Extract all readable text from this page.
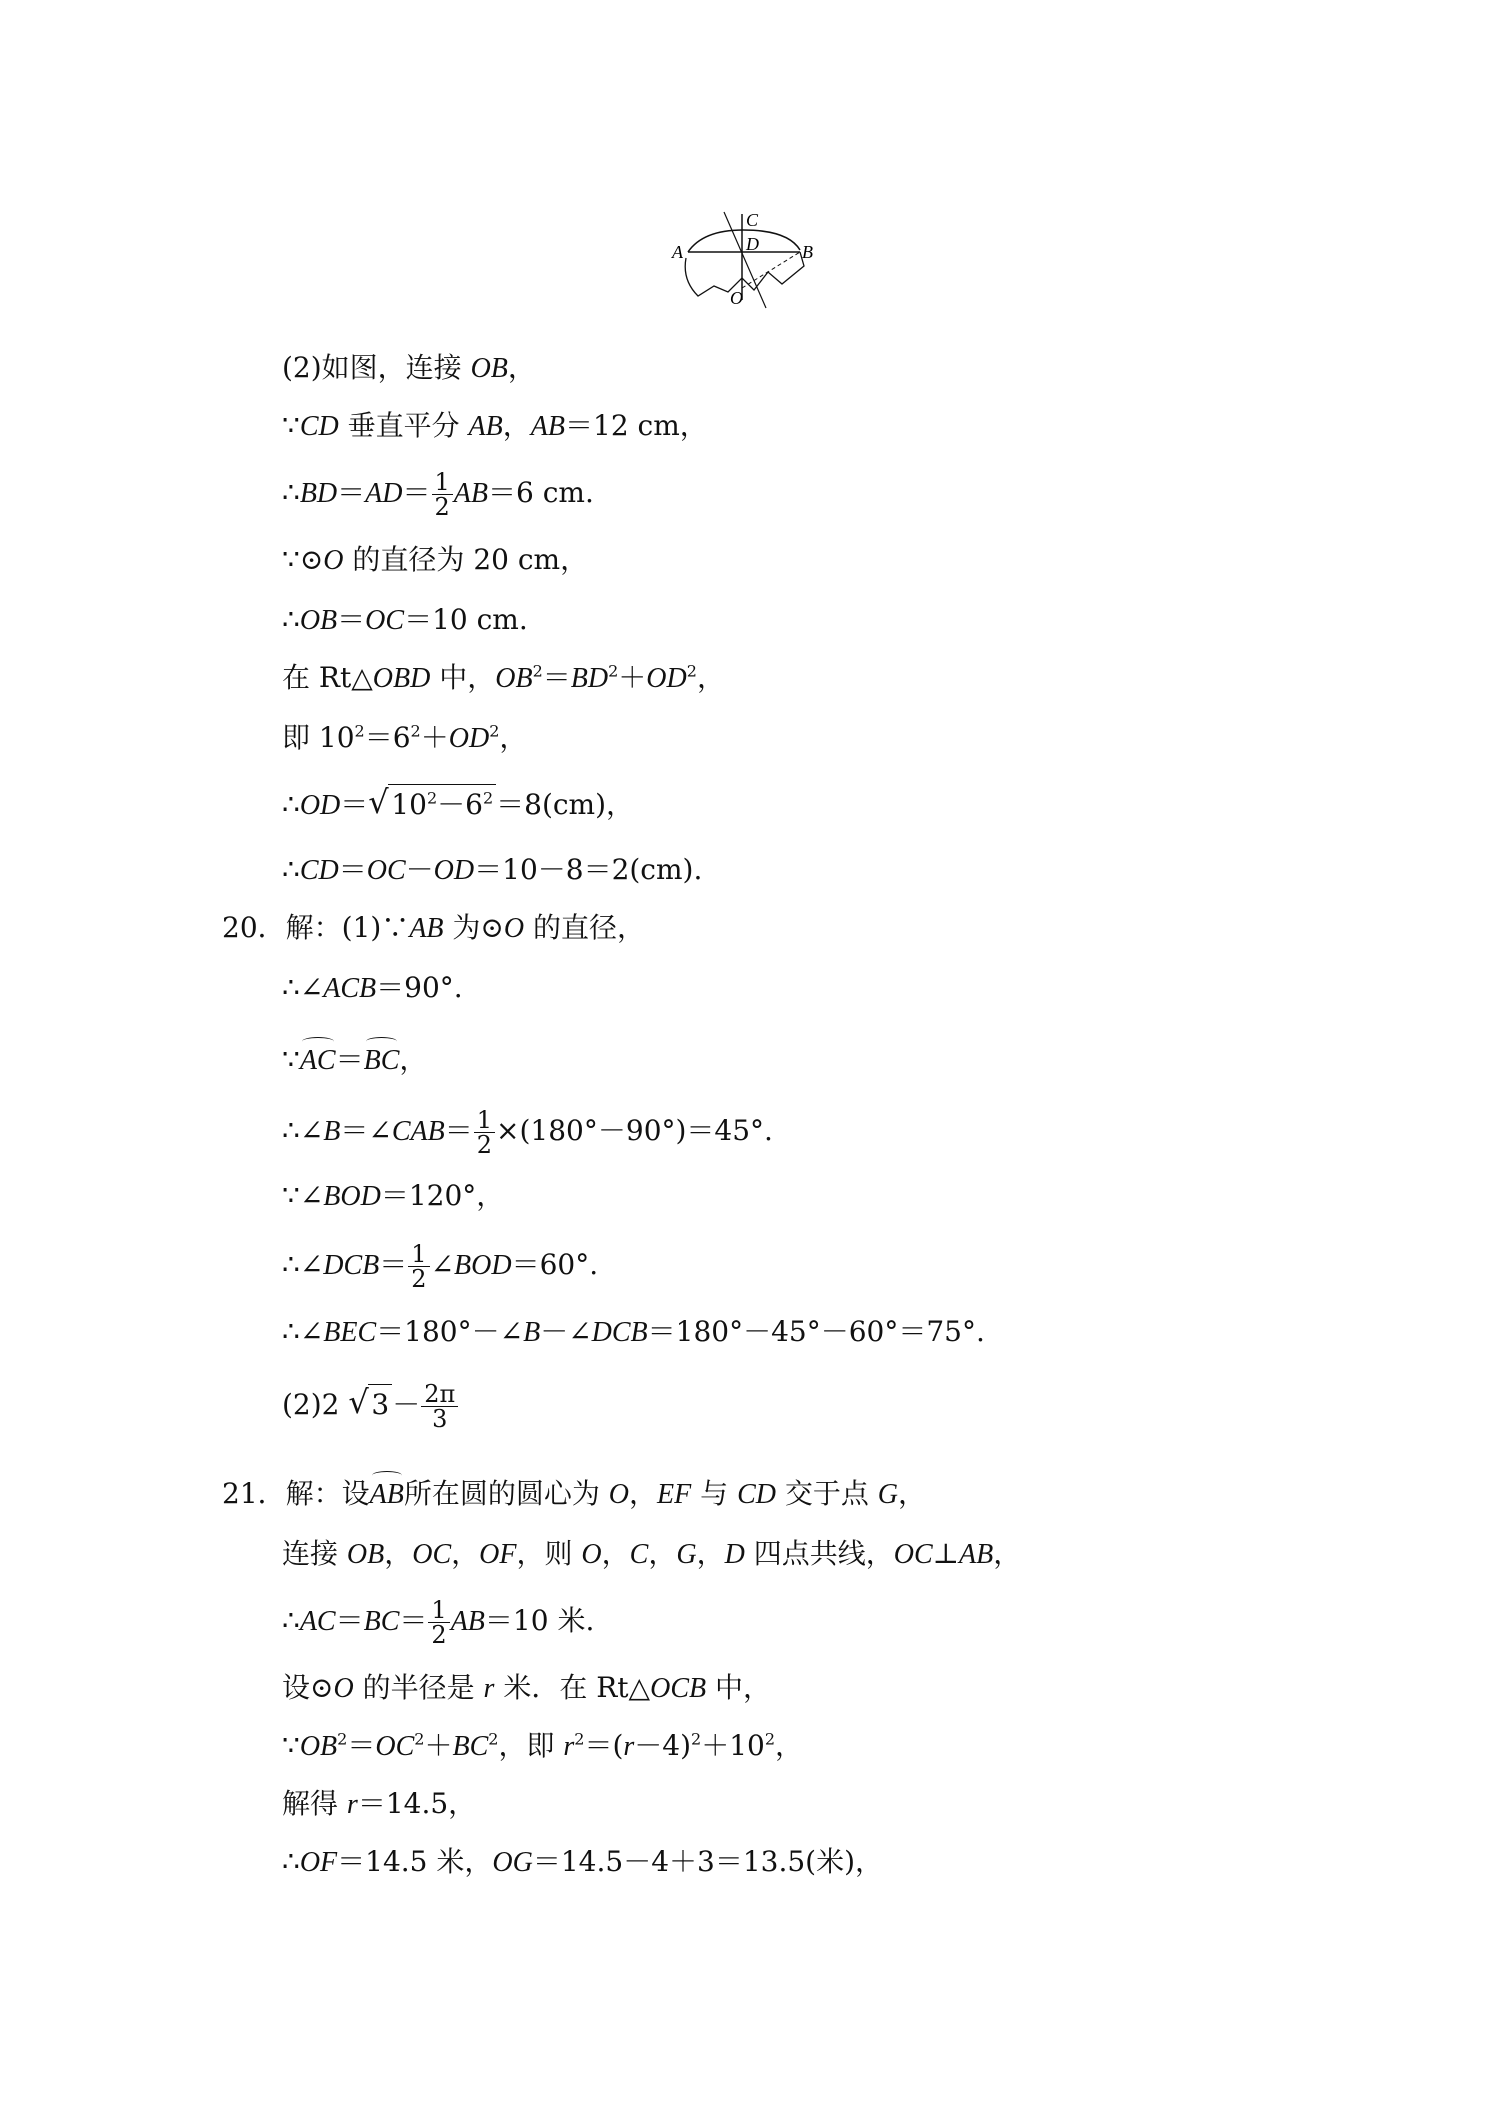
A	B
C
D
O
(2)如图，连接 OB，
∵CD 垂直平分 AB，AB＝12 cm，
∴BD＝AD＝ $\frac{1}{2} AB=6$ cm.
∵⊙O 的直径为 20 cm，
∴OB＝OC＝10 cm.
在 Rt△OBD 中，$OB^2=BD^2+OD^2$，
即 $10^2=6^2+OD^2$，
∴OD＝ √ $10^2-6^2 =8(cm)$，
∴CD＝OC－OD＝10－8＝2(cm).
20．解：(1)∵AB 为⊙O 的直径，
∴∠ACB＝90°.
∵AC＝BC，
∴∠B＝∠CAB＝ $\frac{1}{2} \times(180^\circ-90^\circ)=45^\circ$.
∵∠BOD＝120°，
∴∠DCB＝ $\frac{1}{2}$ ∠BOD＝60°.
∴∠BEC＝180°－∠B－∠DCB＝180°－45°－60°＝75°.
(2)2 √ $3 - \frac{2\pi}{3}$
21．解：设AB所在圆的圆心为 O，EF 与 CD 交于点 G，
连接 OB，OC，OF，则 O，C，G，D 四点共线，OC⊥AB，
∴AC＝BC＝ $\frac{1}{2} AB=10$ 米.
设⊙O 的半径是 r 米．在 Rt△OCB 中，
$\because OB^2=OC^2+BC^2$，即 $r^2=(r-4)^2+10^2$，
解得 r＝14.5，
∴OF＝14.5 米，OG＝14.5－4＋3＝13.5(米)，
